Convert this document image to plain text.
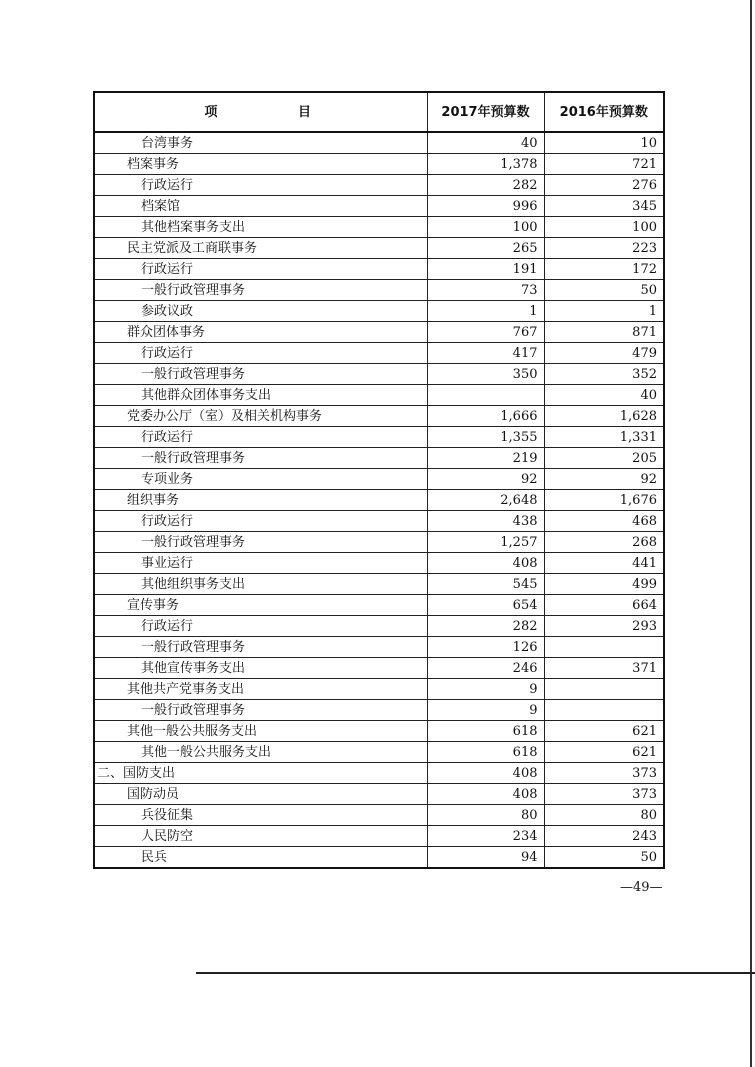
项 目	2017年预算数	2016年预算数
台湾事务	40	10
档案事务	1,378	721
行政运行	282	276
档案馆	996	345
其他档案事务支出	100	100
民主党派及工商联事务	265	223
行政运行	191	172
一般行政管理事务	73	50
参政议政	1	1
群众团体事务	767	871
行政运行	417	479
一般行政管理事务	350	352
其他群众团体事务支出		40
党委办公厅（室）及相关机构事务	1,666	1,628
行政运行	1,355	1,331
一般行政管理事务	219	205
专项业务	92	92
组织事务	2,648	1,676
行政运行	438	468
一般行政管理事务	1,257	268
事业运行	408	441
其他组织事务支出	545	499
宣传事务	654	664
行政运行	282	293
一般行政管理事务	126	
其他宣传事务支出	246	371
其他共产党事务支出	9	
一般行政管理事务	9	
其他一般公共服务支出	618	621
其他一般公共服务支出	618	621
二、国防支出	408	373
国防动员	408	373
兵役征集	80	80
人民防空	234	243
民兵	94	50
—49—
